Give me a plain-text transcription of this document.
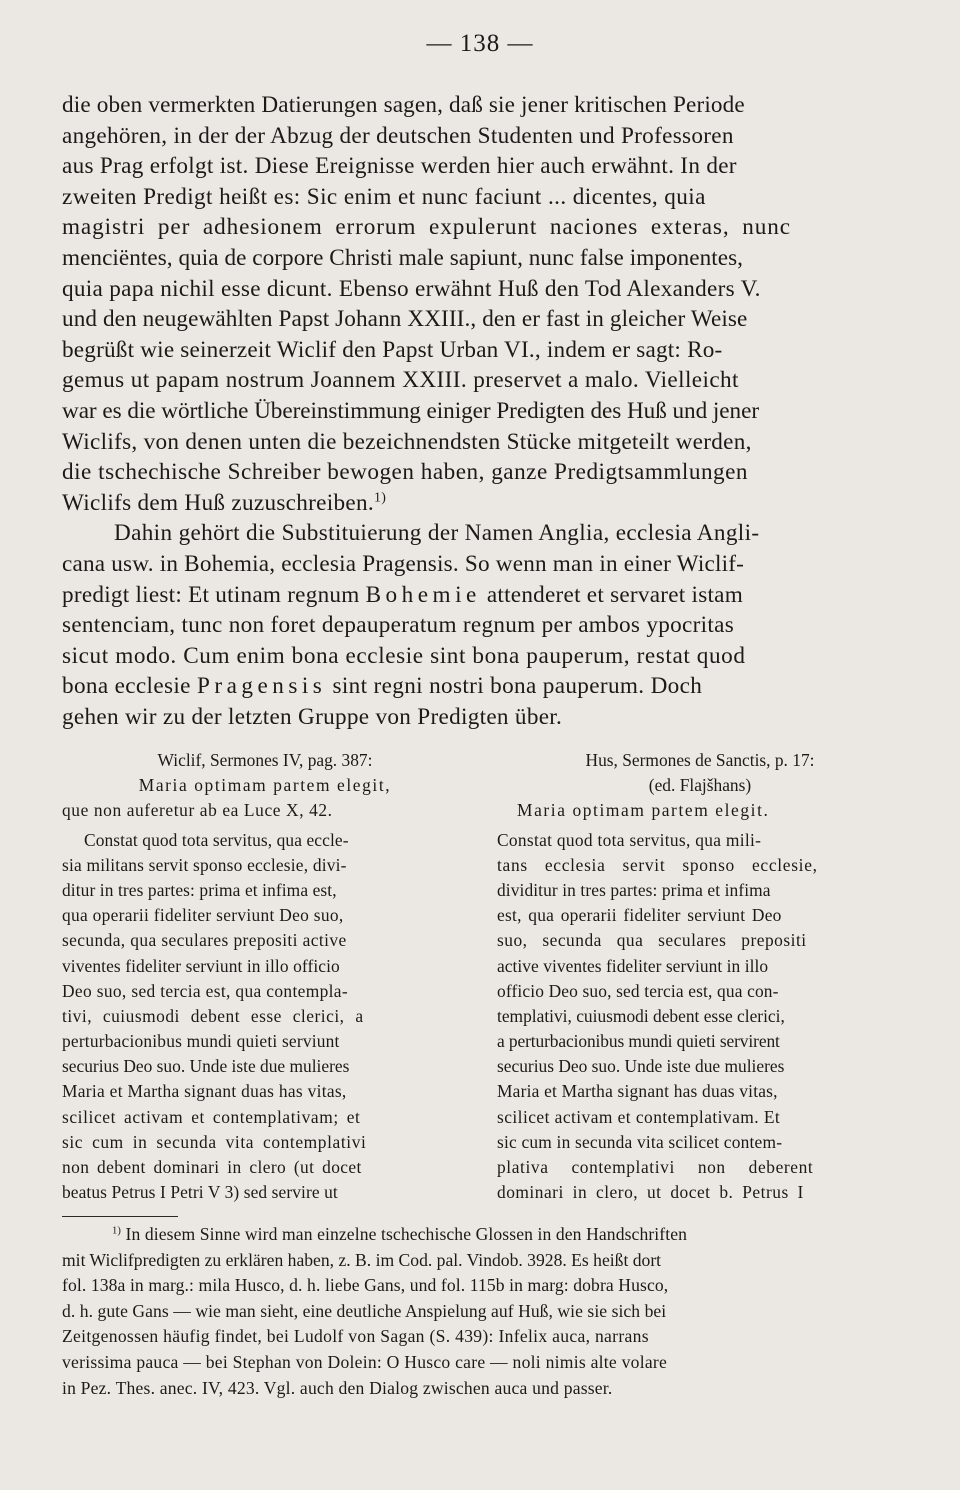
— 138 —
die oben vermerkten Datierungen sagen, daß sie jener kritischen Periode
angehören, in der der Abzug der deutschen Studenten und Professoren
aus Prag erfolgt ist. Diese Ereignisse werden hier auch erwähnt. In der
zweiten Predigt heißt es: Sic enim et nunc faciunt ... dicentes, quia
magistri per adhesionem errorum expulerunt naciones exteras, nunc
menciëntes, quia de corpore Christi male sapiunt, nunc false imponentes,
quia papa nichil esse dicunt. Ebenso erwähnt Huß den Tod Alexanders V.
und den neugewählten Papst Johann XXIII., den er fast in gleicher Weise
begrüßt wie seinerzeit Wiclif den Papst Urban VI., indem er sagt: Ro-
gemus ut papam nostrum Joannem XXIII. preservet a malo. Vielleicht
war es die wörtliche Übereinstimmung einiger Predigten des Huß und jener
Wiclifs, von denen unten die bezeichnendsten Stücke mitgeteilt werden,
die tschechische Schreiber bewogen haben, ganze Predigtsammlungen
Wiclifs dem Huß zuzuschreiben.$^{1)}$
Dahin gehört die Substituierung der Namen Anglia, ecclesia Angli-
cana usw. in Bohemia, ecclesia Pragensis. So wenn man in einer Wiclif-
predigt liest: Et utinam regnum Bohemie attenderet et servaret istam
sentenciam, tunc non foret depauperatum regnum per ambos ypocritas
sicut modo. Cum enim bona ecclesie sint bona pauperum, restat quod
bona ecclesie Pragensis sint regni nostri bona pauperum. Doch
gehen wir zu der letzten Gruppe von Predigten über.
Wiclif, Sermones IV, pag. 387:
Maria optimam partem elegit,
que non auferetur ab ea Luce X, 42.
Constat quod tota servitus, qua eccle-
sia militans servit sponso ecclesie, divi-
ditur in tres partes: prima et infima est,
qua operarii fideliter serviunt Deo suo,
secunda, qua seculares prepositi active
viventes fideliter serviunt in illo officio
Deo suo, sed tercia est, qua contempla-
tivi, cuiusmodi debent esse clerici, a
perturbacionibus mundi quieti serviunt
securius Deo suo. Unde iste due mulieres
Maria et Martha signant duas has vitas,
scilicet activam et contemplativam; et
sic cum in secunda vita contemplativi
non debent dominari in clero (ut docet
beatus Petrus I Petri V 3) sed servire ut
Hus, Sermones de Sanctis, p. 17:
(ed. Flajšhans)
Maria optimam partem elegit.
Constat quod tota servitus, qua mili-
tans ecclesia servit sponso ecclesie,
dividitur in tres partes: prima et infima
est, qua operarii fideliter serviunt Deo
suo, secunda qua seculares prepositi
active viventes fideliter serviunt in illo
officio Deo suo, sed tercia est, qua con-
templativi, cuiusmodi debent esse clerici,
a perturbacionibus mundi quieti servirent
securius Deo suo. Unde iste due mulieres
Maria et Martha signant has duas vitas,
scilicet activam et contemplativam. Et
sic cum in secunda vita scilicet contem-
plativa contemplativi non deberent
dominari in clero, ut docet b. Petrus I
$^{1)}$ In diesem Sinne wird man einzelne tschechische Glossen in den Handschriften
mit Wiclifpredigten zu erklären haben, z. B. im Cod. pal. Vindob. 3928. Es heißt dort
fol. 138a in marg.: mila Husco, d. h. liebe Gans, und fol. 115b in marg: dobra Husco,
d. h. gute Gans — wie man sieht, eine deutliche Anspielung auf Huß, wie sie sich bei
Zeitgenossen häufig findet, bei Ludolf von Sagan (S. 439): Infelix auca, narrans
verissima pauca — bei Stephan von Dolein: O Husco care — noli nimis alte volare
in Pez. Thes. anec. IV, 423. Vgl. auch den Dialog zwischen auca und passer.
